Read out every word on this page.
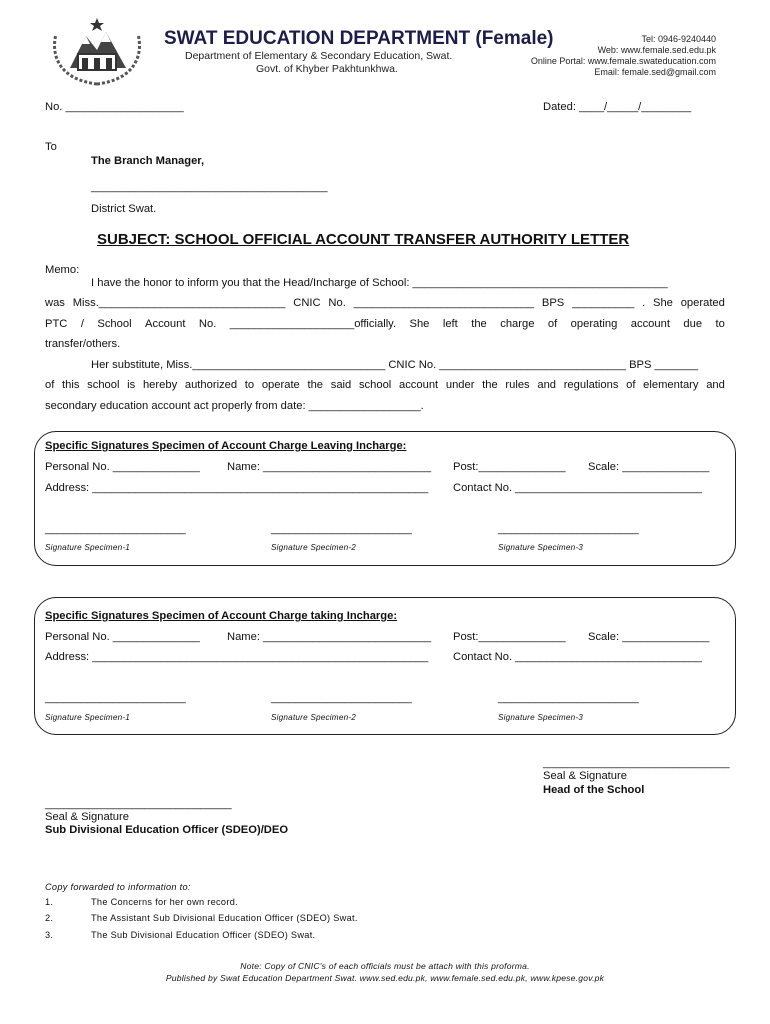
SWAT EDUCATION DEPARTMENT (Female)
Department of Elementary & Secondary Education, Swat.
Govt. of Khyber Pakhtunkhwa.
Tel: 0946-9240440
Web: www.female.sed.edu.pk
Online Portal: www.female.swateducation.com
Email: female.sed@gmail.com
No. ___________________	Dated: ____/_____/________
To
The Branch Manager,
______________________________________
District Swat.
SUBJECT: SCHOOL OFFICIAL ACCOUNT TRANSFER AUTHORITY LETTER
Memo:
I have the honor to inform you that the Head/Incharge of School: _________________________________________
was Miss.______________________________ CNIC No. _____________________________ BPS __________ . She operated
PTC / School Account No. ____________________officially. She left the charge of operating account due to
transfer/others.
Her substitute, Miss._______________________________ CNIC No. ______________________________ BPS _______
of this school is hereby authorized to operate the said school account under the rules and regulations of elementary and
secondary education account act properly from date: __________________.
Specific Signatures Specimen of Account Charge Leaving Incharge:
Personal No. ______________ Name: ___________________________ Post:______________ Scale: ______________
Address: ______________________________________________________ Contact No. ______________________________
_______________________	_______________________	_______________________
Signature Specimen-1	Signature Specimen-2	Signature Specimen-3
Specific Signatures Specimen of Account Charge taking Incharge:
Personal No. ______________ Name: ___________________________ Post:______________ Scale: ______________
Address: ______________________________________________________ Contact No. ______________________________
_______________________	_______________________	_______________________
Signature Specimen-1	Signature Specimen-2	Signature Specimen-3
______________________________
Seal & Signature
Head of the School
______________________________
Seal & Signature
Sub Divisional Education Officer (SDEO)/DEO
Copy forwarded to information to:
1.	The Concerns for her own record.
2.	The Assistant Sub Divisional Education Officer (SDEO) Swat.
3.	The Sub Divisional Education Officer (SDEO) Swat.
Note: Copy of CNIC's of each officials must be attach with this proforma.
Published by Swat Education Department Swat. www.sed.edu.pk, www.female.sed.edu.pk, www.kpese.gov.pk
